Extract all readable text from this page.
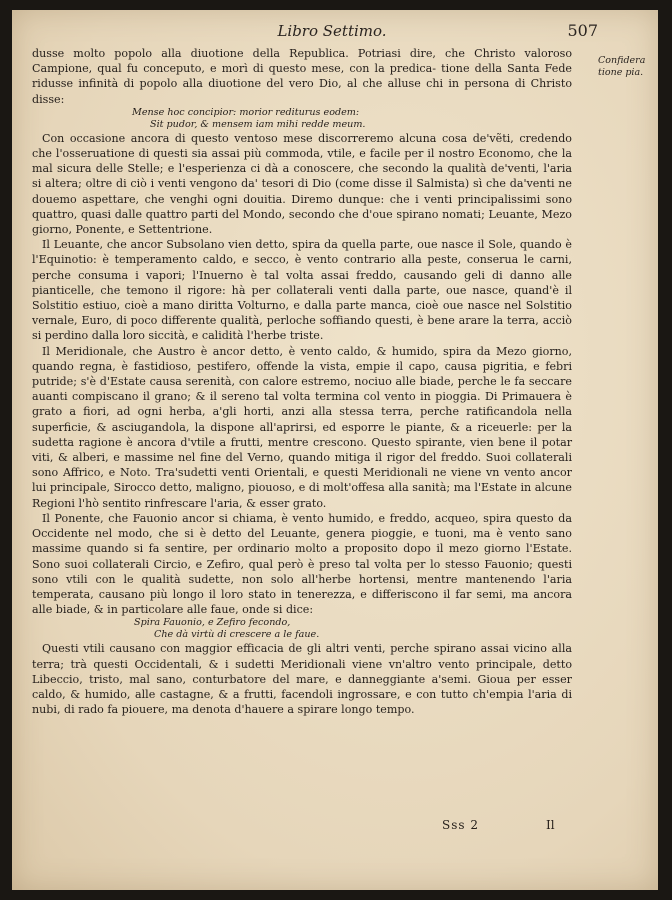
Libro Settimo.	507
Confidera tione pia.

dusse molto popolo alla diuotione della Republica. Potriasi dire, che Christo valoroso Campione, qual fu conceputo, e morì di questo mese, con la predica- tione della Santa Fede ridusse infinità di popolo alla diuotione del vero Dio, al che alluse chi in persona di Christo disse:

Mense hoc concipior: morior rediturus eodem:
Sit pudor, & mensem iam mihi redde meum.

Con occasione ancora di questo ventoso mese discorreremo alcuna cosa de'vẽti, credendo che l'osseruatione di questi sia assai più commoda, vtile, e facile per il nostro Economo, che la mal sicura delle Stelle; e l'esperienza ci dà a conoscere, che secondo la qualità de'venti, l'aria si altera; oltre di ciò i venti vengono da' tesori di Dio (come disse il Salmista) sì che da'venti ne douemo aspettare, che venghi ogni douitia. Diremo dunque: che i venti principalissimi sono quattro, quasi dalle quattro parti del Mondo, secondo che d'oue spirano nomati; Leuante, Mezo giorno, Ponente, e Settentrione.

Il Leuante, che ancor Subsolano vien detto, spira da quella parte, oue nasce il Sole, quando è l'Equinotio: è temperamento caldo, e secco, è vento contrario alla peste, conserua le carni, perche consuma i vapori; l'Inuerno è tal volta assai freddo, causando geli di danno alle pianticelle, che temono il rigore: hà per collaterali venti dalla parte, oue nasce, quand'è il Solstitio estiuo, cioè a mano diritta Volturno, e dalla parte manca, cioè oue nasce nel Solstitio vernale, Euro, di poco differente qualità, perloche soffiando questi, è bene arare la terra, acciò si perdino dalla loro siccità, e calidità l'herbe triste.

Il Meridionale, che Austro è ancor detto, è vento caldo, & humido, spira da Mezo giorno, quando regna, è fastidioso, pestifero, offende la vista, empie il capo, causa pigritia, e febri putride; s'è d'Estate causa serenità, con calore estremo, nociuo alle biade, perche le fa seccare auanti compiscano il grano; & il sereno tal volta termina col vento in pioggia. Di Primauera è grato a fiori, ad ogni herba, a'gli horti, anzi alla stessa terra, perche ratificandola nella superficie, & asciugandola, la dispone all'aprirsi, ed esporre le piante, & a riceuerle: per la sudetta ragione è ancora d'vtile a frutti, mentre crescono. Questo spirante, vien bene il potar viti, & alberi, e massime nel fine del Verno, quando mitiga il rigor del freddo. Suoi collaterali sono Affrico, e Noto. Tra'sudetti venti Orientali, e questi Meridionali ne viene vn vento ancor lui principale, Sirocco detto, maligno, piouoso, e di molt'offesa alla sanità; ma l'Estate in alcune Regioni l'hò sentito rinfrescare l'aria, & esser grato.

Il Ponente, che Fauonio ancor si chiama, è vento humido, e freddo, acqueo, spira questo da Occidente nel modo, che si è detto del Leuante, genera pioggie, e tuoni, ma è vento sano massime quando si fa sentire, per ordinario molto a proposito dopo il mezo giorno l'Estate. Sono suoi collaterali Circio, e Zefiro, qual però è preso tal volta per lo stesso Fauonio; questi sono vtili con le qualità sudette, non solo all'herbe hortensi, mentre mantenendo l'aria temperata, causano più longo il loro stato in tenerezza, e differiscono il far semi, ma ancora alle biade, & in particolare alle faue, onde si dice:

Spira Fauonio, e Zefiro fecondo,
Che dà virtù di crescere a le faue.

Questi vtili causano con maggior efficacia de gli altri venti, perche spirano assai vicino alla terra; trà questi Occidentali, & i sudetti Meridionali viene vn'altro vento principale, detto Libeccio, tristo, mal sano, conturbatore del mare, e danneggiante a'semi. Gioua per esser caldo, & humido, alle castagne, & a frutti, facendoli ingrossare, e con tutto ch'empia l'aria di nubi, di rado fa piouere, ma denota d'hauere a spirare longo tempo.

Sss 2	Il
